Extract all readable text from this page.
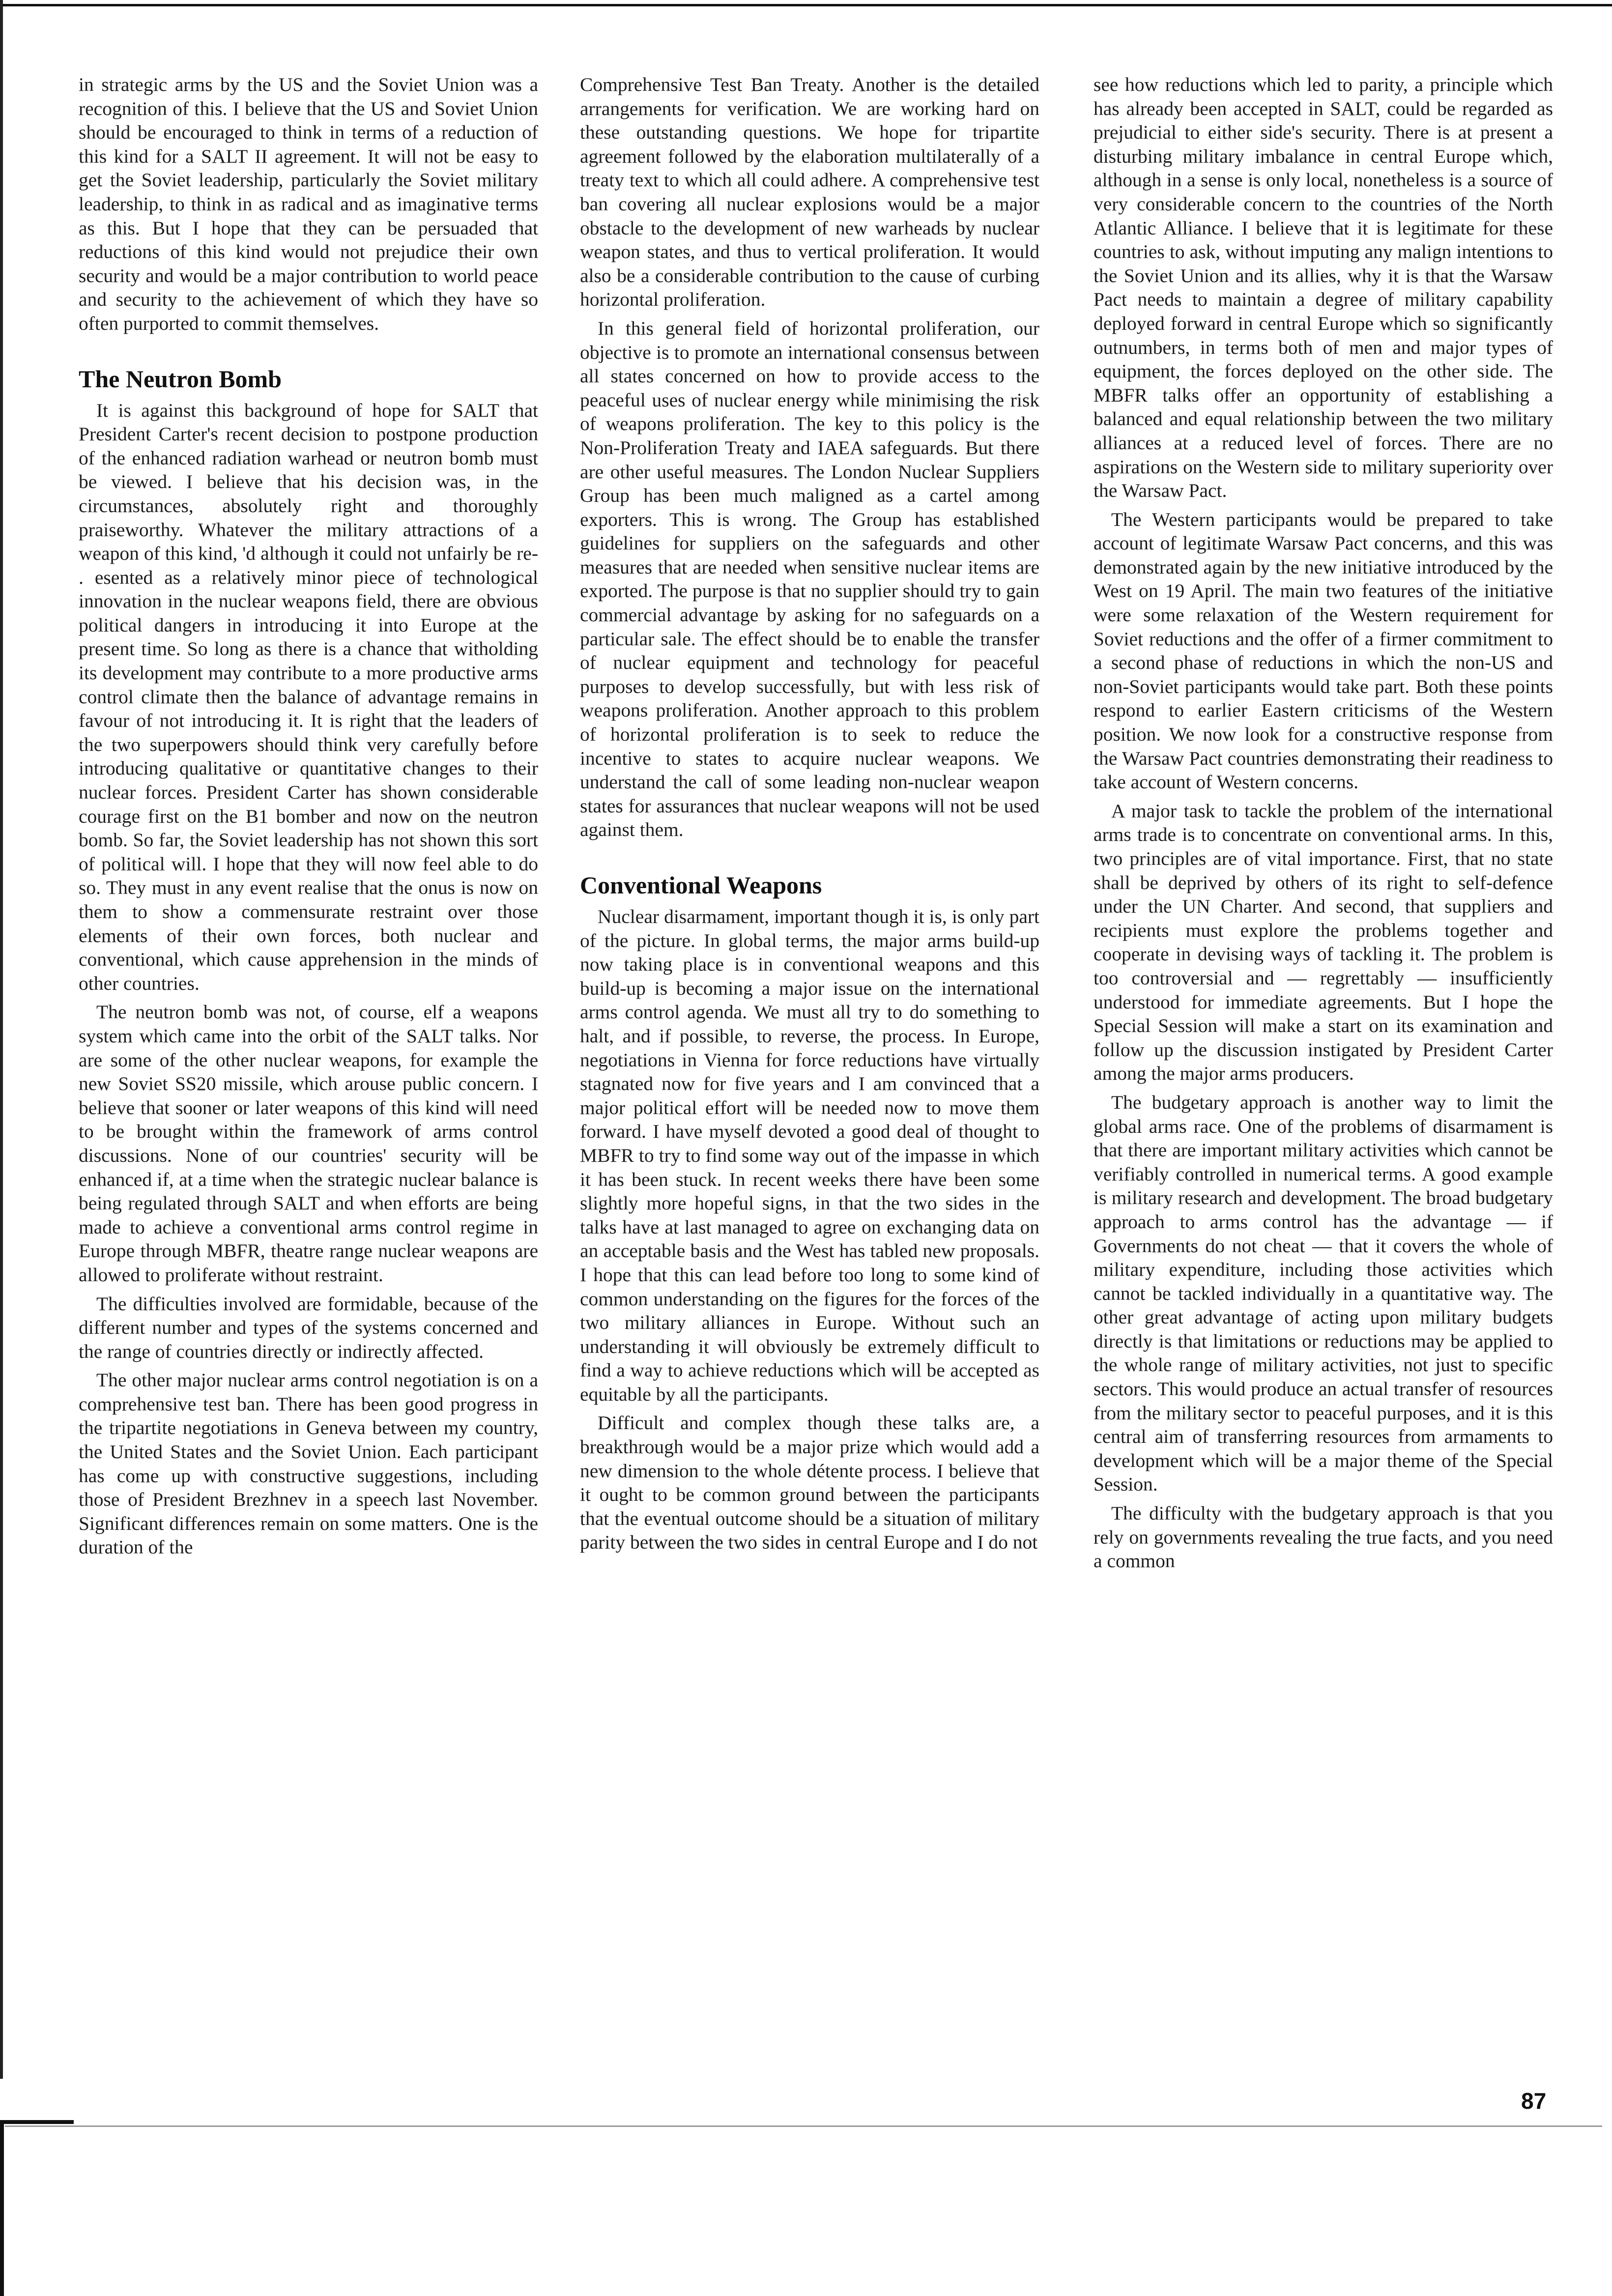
in strategic arms by the US and the Soviet Union was a recognition of this. I believe that the US and Soviet Union should be encouraged to think in terms of a reduction of this kind for a SALT II agreement. It will not be easy to get the Soviet leadership, particularly the Soviet military leadership, to think in as radical and as imaginative terms as this. But I hope that they can be persuaded that reductions of this kind would not prejudice their own security and would be a major contribution to world peace and security to the achievement of which they have so often purported to commit themselves.

The Neutron Bomb

It is against this background of hope for SALT that President Carter's recent decision to postpone production of the enhanced radiation warhead or neutron bomb must be viewed. I believe that his decision was, in the circumstances, absolutely right and thoroughly praiseworthy. Whatever the military attractions of a weapon of this kind, ⁠'d although it could not unfairly be re- ⁠. esented as a relatively minor piece of technological innovation in the nuclear weapons field, there are obvious political dangers in introducing it into Europe at the present time. So long as there is a chance that witholding its development may contribute to a more productive arms control climate then the balance of advantage remains in favour of not introducing it. It is right that the leaders of the two superpowers should think very carefully before introducing qualitative or quantitative changes to their nuclear forces. President Carter has shown considerable courage first on the B1 bomber and now on the neutron bomb. So far, the Soviet leadership has not shown this sort of political will. I hope that they will now feel able to do so. They must in any event realise that the onus is now on them to show a commensurate restraint over those elements of their own forces, both nuclear and conventional, which cause apprehension in the minds of other countries.

The neutron bomb was not, of course, ⁠elf a weapons system which came into the orbit of the SALT talks. Nor are some of the other nuclear weapons, for example the new Soviet SS20 missile, which arouse public concern. I believe that sooner or later weapons of this kind will need to be brought within the framework of arms control discussions. None of our countries' security will be enhanced if, at a time when the strategic nuclear balance is being regulated through SALT and when efforts are being made to achieve a conventional arms control regime in Europe through MBFR, theatre range nuclear weapons are allowed to proliferate without restraint.

The difficulties involved are formidable, because of the different number and types of the systems concerned and the range of countries directly or indirectly affected.

The other major nuclear arms control negotiation is on a comprehensive test ban. There has been good progress in the tripartite negotiations in Geneva between my country, the United States and the Soviet Union. Each participant has come up with constructive suggestions, including those of President Brezhnev in a speech last November. Significant differences remain on some matters. One is the duration of the

Comprehensive Test Ban Treaty. Another is the detailed arrangements for verification. We are working hard on these outstanding questions. We hope for tripartite agreement followed by the elaboration multilaterally of a treaty text to which all could adhere. A comprehensive test ban covering all nuclear explosions would be a major obstacle to the development of new warheads by nuclear weapon states, and thus to vertical proliferation. It would also be a considerable contribution to the cause of curbing horizontal proliferation.

In this general field of horizontal proliferation, our objective is to promote an international consensus between all states concerned on how to provide access to the peaceful uses of nuclear energy while minimising the risk of weapons proliferation. The key to this policy is the Non-Proliferation Treaty and IAEA safeguards. But there are other useful measures. The London Nuclear Suppliers Group has been much maligned as a cartel among exporters. This is wrong. The Group has established guidelines for suppliers on the safeguards and other measures that are needed when sensitive nuclear items are exported. The purpose is that no supplier should try to gain commercial advantage by asking for no safeguards on a particular sale. The effect should be to enable the transfer of nuclear equipment and technology for peaceful purposes to develop successfully, but with less risk of weapons proliferation. Another approach to this problem of horizontal proliferation is to seek to reduce the incentive to states to acquire nuclear weapons. We understand the call of some leading non-nuclear weapon states for assurances that nuclear weapons will not be used against them.

Conventional Weapons

Nuclear disarmament, important though it is, is only part of the picture. In global terms, the major arms build-up now taking place is in conventional weapons and this build-up is becoming a major issue on the international arms control agenda. We must all try to do something to halt, and if possible, to reverse, the process. In Europe, negotiations in Vienna for force reductions have virtually stagnated now for five years and I am convinced that a major political effort will be needed now to move them forward. I have myself devoted a good deal of thought to MBFR to try to find some way out of the impasse in which it has been stuck. In recent weeks there have been some slightly more hopeful signs, in that the two sides in the talks have at last managed to agree on exchanging data on an acceptable basis and the West has tabled new proposals. I hope that this can lead before too long to some kind of common understanding on the figures for the forces of the two military alliances in Europe. Without such an understanding it will obviously be extremely difficult to find a way to achieve reductions which will be accepted as equitable by all the participants.

Difficult and complex though these talks are, a breakthrough would be a major prize which would add a new dimension to the whole détente process. I believe that it ought to be common ground between the participants that the eventual outcome should be a situation of military parity between the two sides in central Europe and I do not

see how reductions which led to parity, a principle which has already been accepted in SALT, could be regarded as prejudicial to either side's security. There is at present a disturbing military imbalance in central Europe which, although in a sense is only local, nonetheless is a source of very considerable concern to the countries of the North Atlantic Alliance. I believe that it is legitimate for these countries to ask, without imputing any malign intentions to the Soviet Union and its allies, why it is that the Warsaw Pact needs to maintain a degree of military capability deployed forward in central Europe which so significantly outnumbers, in terms both of men and major types of equipment, the forces deployed on the other side. The MBFR talks offer an opportunity of establishing a balanced and equal relationship between the two military alliances at a reduced level of forces. There are no aspirations on the Western side to military superiority over the Warsaw Pact.

The Western participants would be prepared to take account of legitimate Warsaw Pact concerns, and this was demonstrated again by the new initiative introduced by the West on 19 April. The main two features of the initiative were some relaxation of the Western requirement for Soviet reductions and the offer of a firmer commitment to a second phase of reductions in which the non-US and non-Soviet participants would take part. Both these points respond to earlier Eastern criticisms of the Western position. We now look for a constructive response from the Warsaw Pact countries demonstrating their readiness to take account of Western concerns.

A major task to tackle the problem of the international arms trade is to concentrate on conventional arms. In this, two principles are of vital importance. First, that no state shall be deprived by others of its right to self-defence under the UN Charter. And second, that suppliers and recipients must explore the problems together and cooperate in devising ways of tackling it. The problem is too controversial and — regrettably — insufficiently understood for immediate agreements. But I hope the Special Session will make a start on its examination and follow up the discussion instigated by President Carter among the major arms producers.

The budgetary approach is another way to limit the global arms race. One of the problems of disarmament is that there are important military activities which cannot be verifiably controlled in numerical terms. A good example is military research and development. The broad budgetary approach to arms control has the advantage — if Governments do not cheat — that it covers the whole of military expenditure, including those activities which cannot be tackled individually in a quantitative way. The other great advantage of acting upon military budgets directly is that limitations or reductions may be applied to the whole range of military activities, not just to specific sectors. This would produce an actual transfer of resources from the military sector to peaceful purposes, and it is this central aim of transferring resources from armaments to development which will be a major theme of the Special Session.

The difficulty with the budgetary approach is that you rely on governments revealing the true facts, and you need a common

87
